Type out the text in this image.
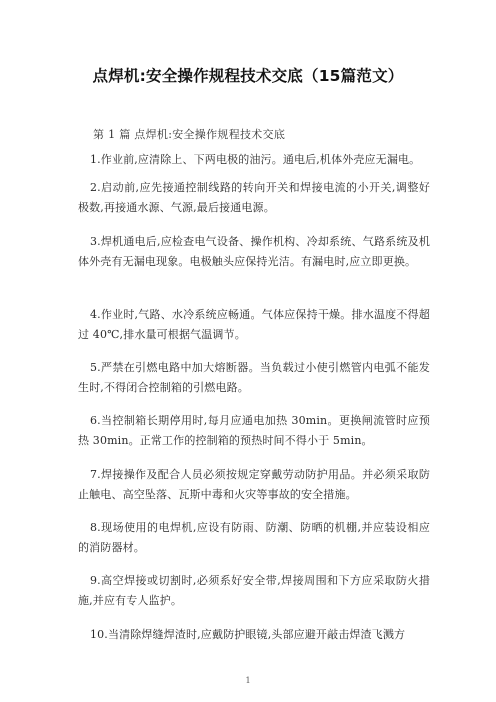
点焊机:安全操作规程技术交底（15篇范文）
第 1 篇 点焊机:安全操作规程技术交底
1.作业前,应清除上、下两电极的油污。通电后,机体外壳应无漏电。
2.启动前,应先接通控制线路的转向开关和焊接电流的小开关,调整好极数,再接通水源、气源,最后接通电源。
3.焊机通电后,应检查电气设备、操作机构、冷却系统、气路系统及机体外壳有无漏电现象。电极触头应保持光洁。有漏电时,应立即更换。
4.作业时,气路、水冷系统应畅通。气体应保持干燥。排水温度不得超过 40℃,排水量可根据气温调节。
5.严禁在引燃电路中加大熔断器。当负载过小使引燃管内电弧不能发生时,不得闭合控制箱的引燃电路。
6.当控制箱长期停用时,每月应通电加热 30min。更换闸流管时应预热 30min。正常工作的控制箱的预热时间不得小于 5min。
7.焊接操作及配合人员必须按规定穿戴劳动防护用品。并必须采取防止触电、高空坠落、瓦斯中毒和火灾等事故的安全措施。
8.现场使用的电焊机,应设有防雨、防潮、防晒的机棚,并应装设相应的消防器材。
9.高空焊接或切割时,必须系好安全带,焊接周围和下方应采取防火措施,并应有专人监护。
10.当清除焊缝焊渣时,应戴防护眼镜,头部应避开敲击焊渣飞溅方
1
